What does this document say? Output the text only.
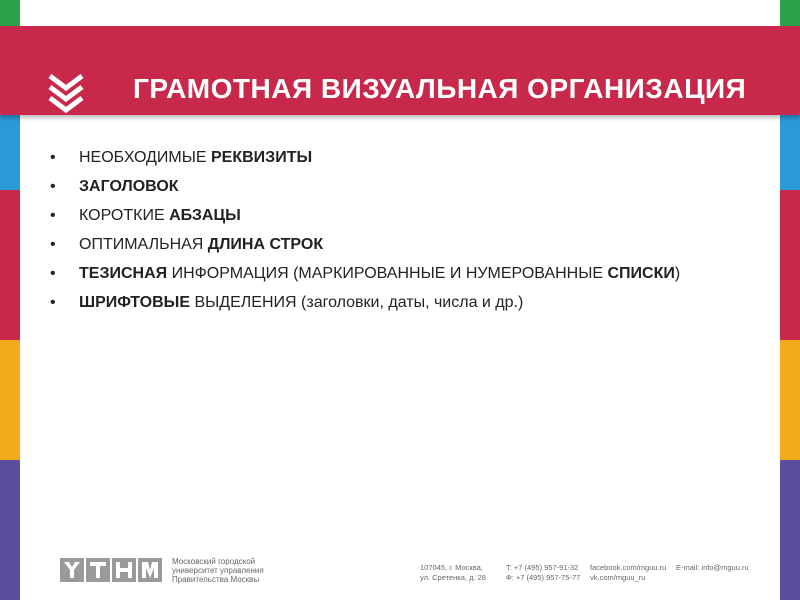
ГРАМОТНАЯ ВИЗУАЛЬНАЯ ОРГАНИЗАЦИЯ
• НЕОБХОДИМЫЕ РЕКВИЗИТЫ
• ЗАГОЛОВОК
• КОРОТКИЕ АБЗАЦЫ
• ОПТИМАЛЬНАЯ ДЛИНА СТРОК
• ТЕЗИСНАЯ ИНФОРМАЦИЯ (МАРКИРОВАННЫЕ И НУМЕРОВАННЫЕ СПИСКИ)
• ШРИФТОВЫЕ ВЫДЕЛЕНИЯ (заголовки, даты, числа и др.)
Московский городской
университет управления
Правительства Москвы
107045, г. Москва,
ул. Сретенка, д. 28
T: +7 (495) 957-91-32
Ф: +7 (495) 957-75-77
facebook.com/mguu.ru
vk.com/mguu_ru
E-mail: info@mguu.ru
